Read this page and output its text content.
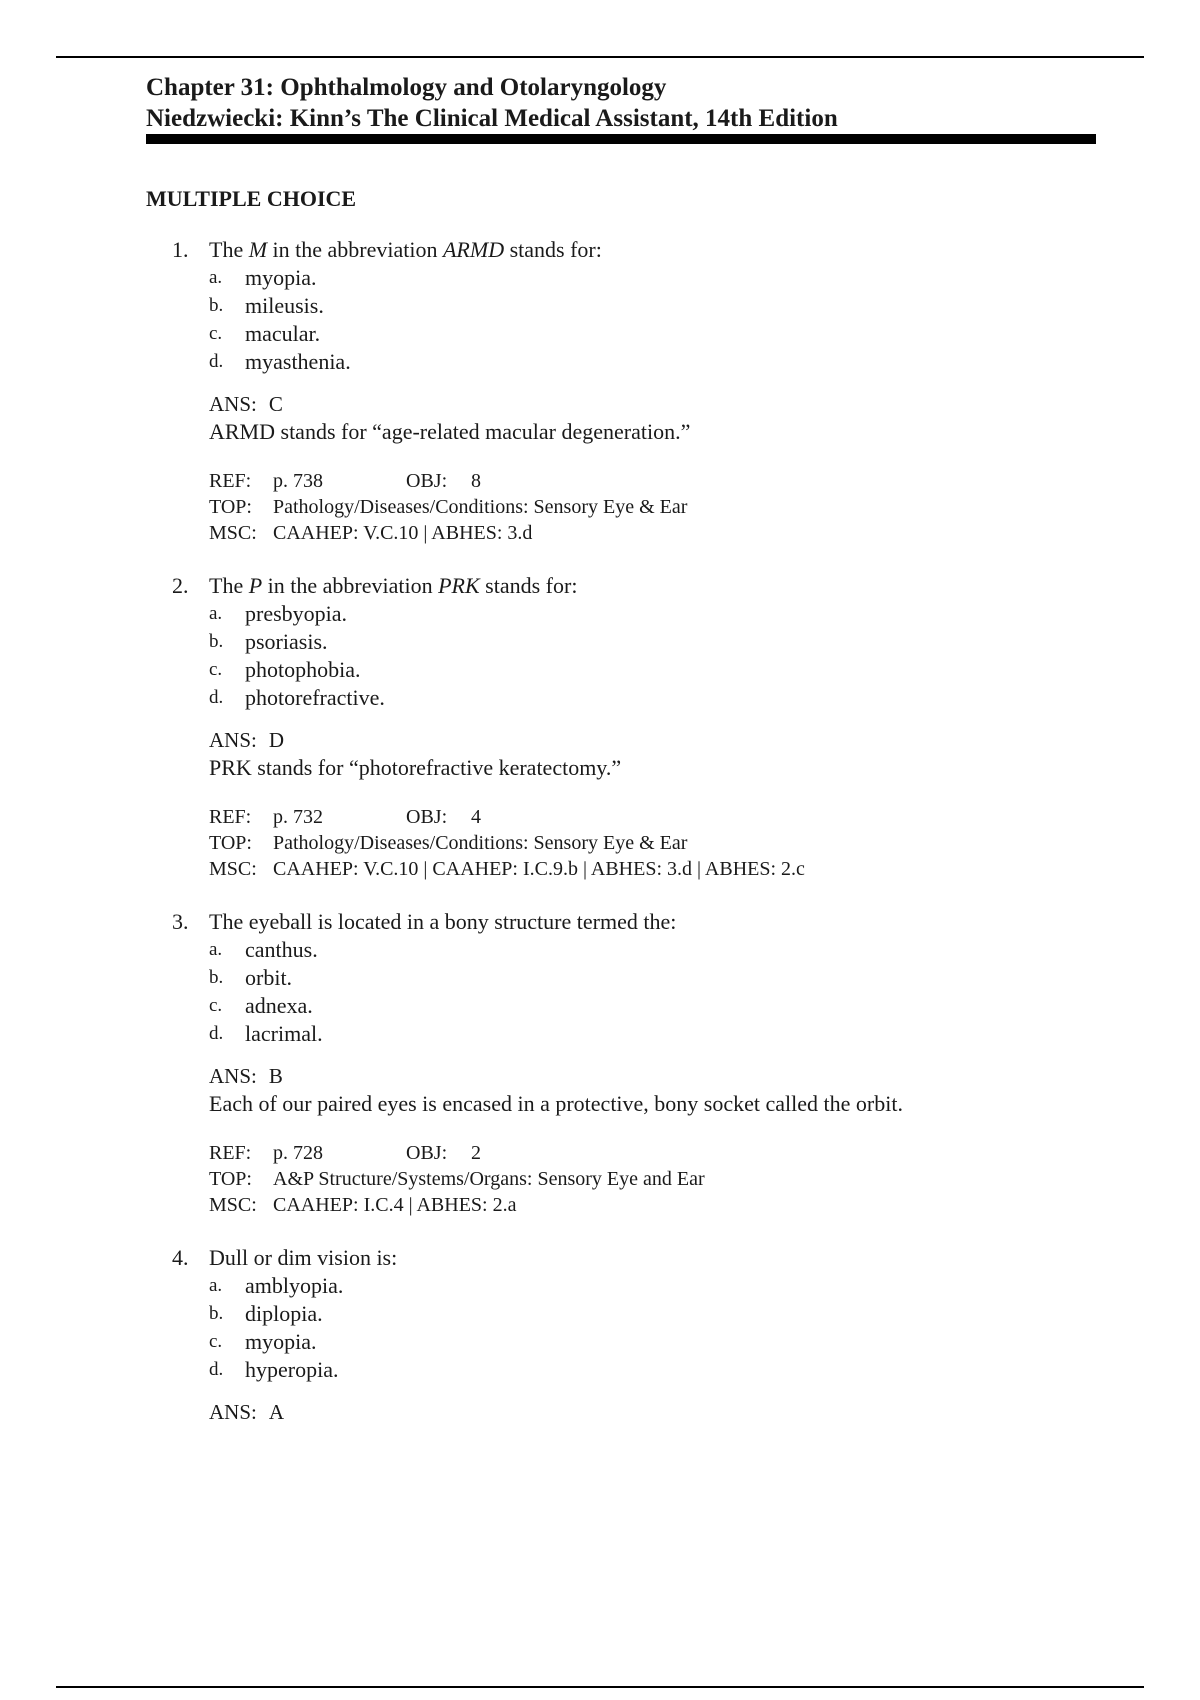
Chapter 31: Ophthalmology and Otolaryngology
Niedzwiecki: Kinn’s The Clinical Medical Assistant, 14th Edition
MULTIPLE CHOICE
1. The M in the abbreviation ARMD stands for:
a. myopia.
b. mileusis.
c. macular.
d. myasthenia.
ANS: C
ARMD stands for “age-related macular degeneration.”
REF: p. 738	OBJ: 8
TOP: Pathology/Diseases/Conditions: Sensory Eye & Ear
MSC: CAAHEP: V.C.10 | ABHES: 3.d
2. The P in the abbreviation PRK stands for:
a. presbyopia.
b. psoriasis.
c. photophobia.
d. photorefractive.
ANS: D
PRK stands for “photorefractive keratectomy.”
REF: p. 732	OBJ: 4
TOP: Pathology/Diseases/Conditions: Sensory Eye & Ear
MSC: CAAHEP: V.C.10 | CAAHEP: I.C.9.b | ABHES: 3.d | ABHES: 2.c
3. The eyeball is located in a bony structure termed the:
a. canthus.
b. orbit.
c. adnexa.
d. lacrimal.
ANS: B
Each of our paired eyes is encased in a protective, bony socket called the orbit.
REF: p. 728	OBJ: 2
TOP: A&P Structure/Systems/Organs: Sensory Eye and Ear
MSC: CAAHEP: I.C.4 | ABHES: 2.a
4. Dull or dim vision is:
a. amblyopia.
b. diplopia.
c. myopia.
d. hyperopia.
ANS: A
